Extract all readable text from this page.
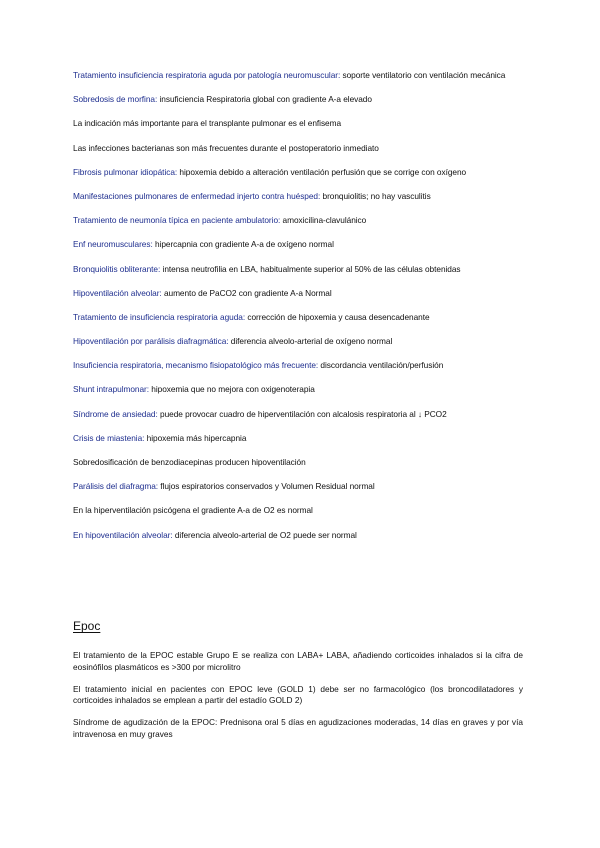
Tratamiento insuficiencia respiratoria aguda por patología neuromuscular: soporte ventilatorio con ventilación mecánica

Sobredosis de morfina: insuficiencia Respiratoria global con gradiente A-a elevado

La indicación más importante para el transplante pulmonar es el enfisema

Las infecciones bacterianas son más frecuentes durante el postoperatorio inmediato

Fibrosis pulmonar idiopática: hipoxemia debido a alteración ventilación perfusión que se corrige con oxígeno

Manifestaciones pulmonares de enfermedad injerto contra huésped: bronquiolitis; no hay vasculitis

Tratamiento de neumonía típica en paciente ambulatorio: amoxicilina-clavulánico

Enf neuromusculares: hipercapnia con gradiente A-a de oxígeno normal

Bronquiolitis obliterante: intensa neutrofilia en LBA, habitualmente superior al 50% de las células obtenidas

Hipoventilación alveolar: aumento de PaCO2 con gradiente A-a Normal

Tratamiento de insuficiencia respiratoria aguda: corrección de hipoxemia y causa desencadenante

Hipoventilación por parálisis diafragmática: diferencia alveolo-arterial de oxígeno normal

Insuficiencia respiratoria, mecanismo fisiopatológico más frecuente: discordancia ventilación/perfusión

Shunt intrapulmonar: hipoxemia que no mejora con oxigenoterapia

Síndrome de ansiedad: puede provocar cuadro de hiperventilación con alcalosis respiratoria al ↓ PCO2

Crisis de miastenia: hipoxemia más hipercapnia

Sobredosificación de benzodiacepinas producen hipoventilación

Parálisis del diafragma: flujos espiratorios conservados y Volumen Residual normal

En la hiperventilación psicógena el gradiente A-a de O2 es normal

En hipoventilación alveolar: diferencia alveolo-arterial de O2 puede ser normal

Epoc

El tratamiento de la EPOC estable Grupo E se realiza con LABA+ LABA, añadiendo corticoides inhalados si la cifra de eosinófilos plasmáticos es >300 por microlitro

El tratamiento inicial en pacientes con EPOC leve (GOLD 1) debe ser no farmacológico (los broncodilatadores y corticoides inhalados se emplean a partir del estadío GOLD 2)

Síndrome de agudización de la EPOC: Prednisona oral 5 días en agudizaciones moderadas, 14 días en graves y por vía intravenosa en muy graves
